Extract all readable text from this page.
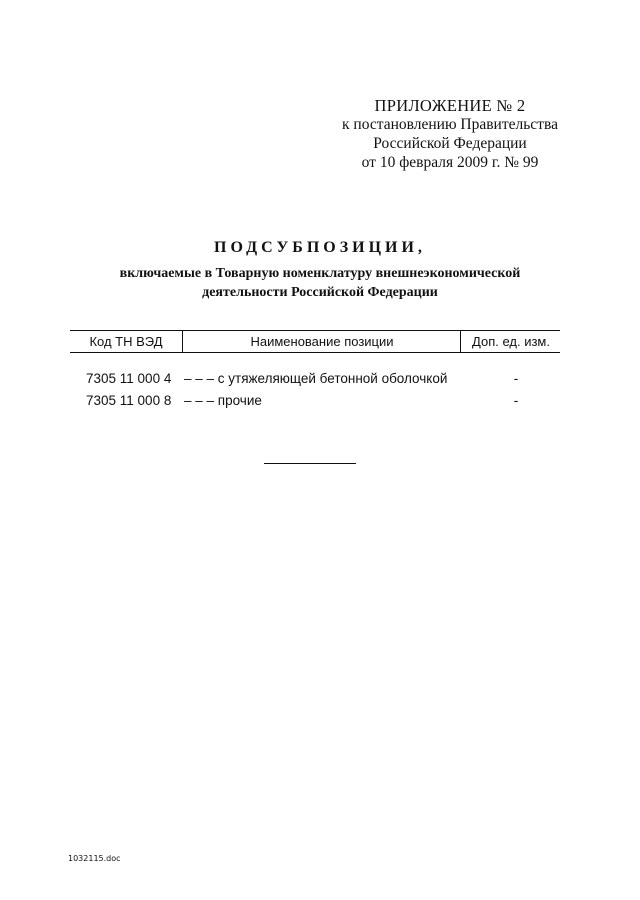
ПРИЛОЖЕНИЕ № 2
к постановлению Правительства
Российской Федерации
от 10 февраля 2009 г. № 99
ПОДСУБПОЗИЦИИ,
включаемые в Товарную номенклатуру внешнеэкономической
деятельности Российской Федерации
Код ТН ВЭД	Наименование позиции	Доп. ед. изм.
7305 11 000 4 – – – с утяжеляющей бетонной оболочкой	-
7305 11 000 8 – – – прочие	-
1032115.doc
